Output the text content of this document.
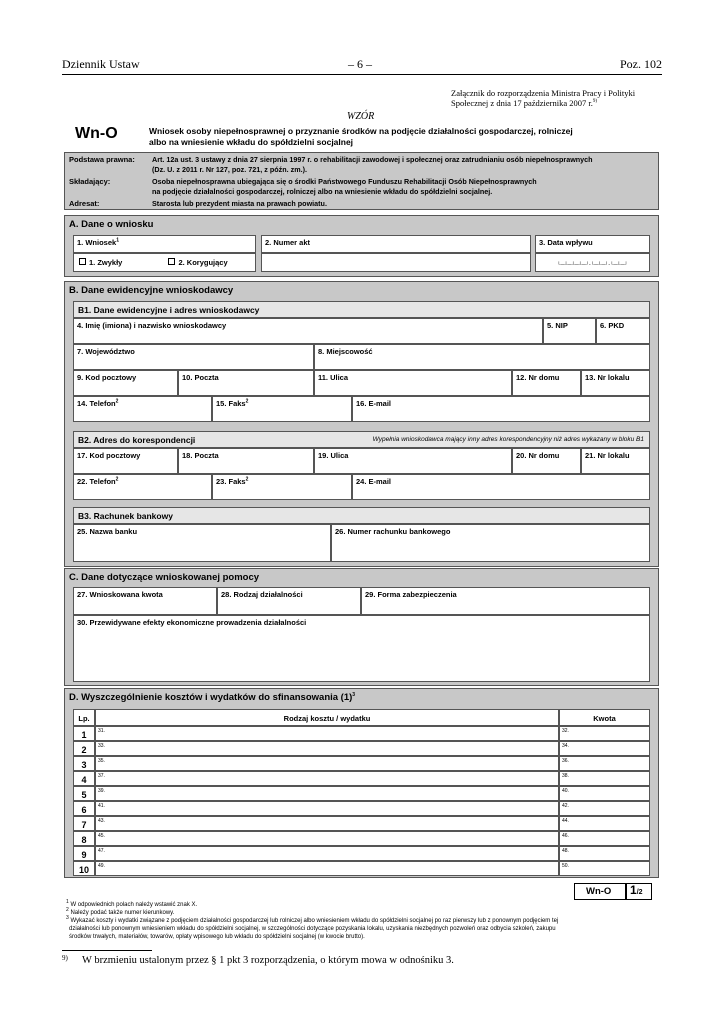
Dziennik Ustaw	– 6 –	Poz. 102
Załącznik do rozporządzenia Ministra Pracy i Polityki
Społecznej z dnia 17 października 2007 r.$^{9)}$
WZÓR
Wn-O	Wniosek osoby niepełnosprawnej o przyznanie środków na podjęcie działalności gospodarczej, rolniczej
albo na wniesienie wkładu do spółdzielni socjalnej
Podstawa prawna: Art. 12a ust. 3 ustawy z dnia 27 sierpnia 1997 r. o rehabilitacji zawodowej i społecznej oraz zatrudnianiu osób niepełnosprawnych
(Dz. U. z 2011 r. Nr 127, poz. 721, z późn. zm.).
Składający:	Osoba niepełnosprawna ubiegająca się o środki Państwowego Funduszu Rehabilitacji Osób Niepełnosprawnych
na podjęcie działalności gospodarczej, rolniczej albo na wniesienie wkładu do spółdzielni socjalnej.
Adresat:	Starosta lub prezydent miasta na prawach powiatu.
A. Dane o wniosku
1. Wniosek$^1$
1. Zwykły	2. Korygujący
2. Numer akt	3. Data wpływu
└─┴─┴─┴─┘-└─┴─┘-└─┴─┘
B. Dane ewidencyjne wnioskodawcy
B1. Dane ewidencyjne i adres wnioskodawcy
4. Imię (imiona) i nazwisko wnioskodawcy	5. NIP	6. PKD
7. Województwo	8. Miejscowość
9. Kod pocztowy	10. Poczta	11. Ulica	12. Nr domu	13. Nr lokalu
14. Telefon$^2$	15. Faks$^2$	16. E-mail
B2. Adres do korespondencji	Wypełnia wnioskodawca mający inny adres korespondencyjny niż adres wykazany w bloku B1
17. Kod pocztowy	18. Poczta	19. Ulica	20. Nr domu	21. Nr lokalu
22. Telefon$^2$	23. Faks$^2$	24. E-mail
B3. Rachunek bankowy
25. Nazwa banku	26. Numer rachunku bankowego
C. Dane dotyczące wnioskowanej pomocy
27. Wnioskowana kwota	28. Rodzaj działalności	29. Forma zabezpieczenia
30. Przewidywane efekty ekonomiczne prowadzenia działalności
D. Wyszczególnienie kosztów i wydatków do sfinansowania $(1)^3$
Lp.	Rodzaj kosztu / wydatku	Kwota
1	31.	32.
2	33.	34.
3	35.	36.
4	37.	38.
5	39.	40.
6	41.	42.
7	43.	44.
8	45.	46.
9	47.	48.
10	49.	50.
Wn-O 1/2
$^1$ W odpowiednich polach należy wstawić znak X.
$^2$ Należy podać także numer kierunkowy.
$^3$ Wykazać koszty i wydatki związane z podjęciem działalności gospodarczej lub rolniczej albo wniesieniem wkładu do spółdzielni socjalnej po raz pierwszy lub z ponownym podjęciem tej
działalności lub ponownym wniesieniem wkładu do spółdzielni socjalnej, w szczególności dotyczące pozyskania lokalu, uzyskania niezbędnych pozwoleń oraz odbycia szkoleń, zakupu
środków trwałych, materiałów, towarów, opłaty wpisowego lub wkładu do spółdzielni socjalnej (w kwocie brutto).
9) W brzmieniu ustalonym przez § 1 pkt 3 rozporządzenia, o którym mowa w odnośniku 3.
